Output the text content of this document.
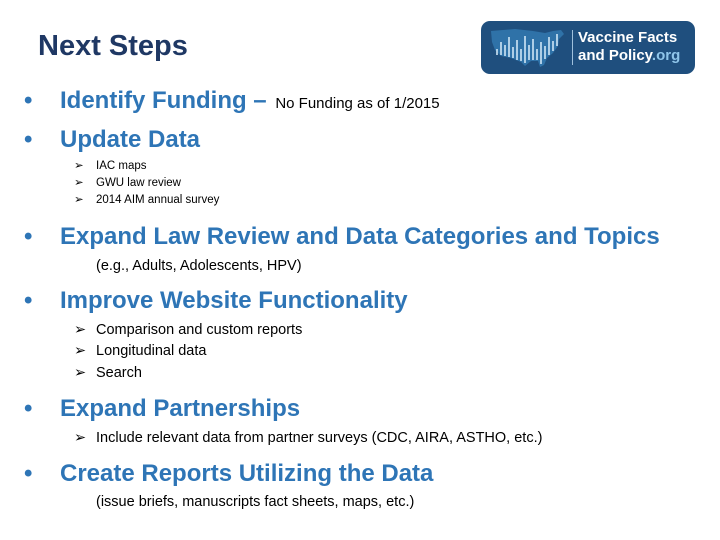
Next Steps	Vaccine Facts
and Policy.org
• Identify Funding – No Funding as of 1/2015
• Update Data
➢ IAC maps
➢ GWU law review
➢ 2014 AIM annual survey
• Expand Law Review and Data Categories and Topics
(e.g., Adults, Adolescents, HPV)
• Improve Website Functionality
➢ Comparison and custom reports
➢ Longitudinal data
➢ Search
• Expand Partnerships
➢ Include relevant data from partner surveys (CDC, AIRA, ASTHO, etc.)
• Create Reports Utilizing the Data
(issue briefs, manuscripts fact sheets, maps, etc.)
